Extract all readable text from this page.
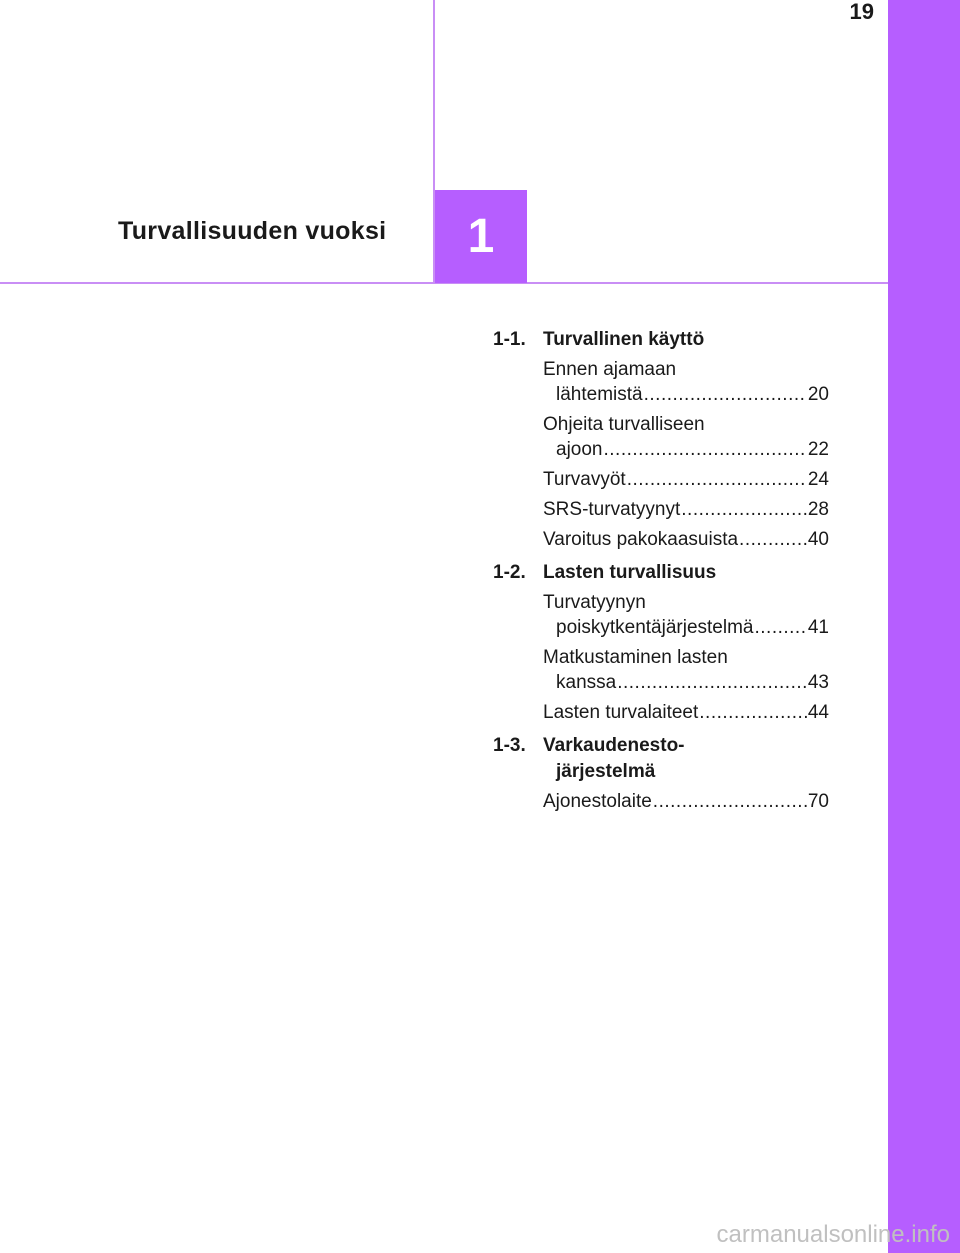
19
Turvallisuuden vuoksi 1
1-1. Turvallinen käyttö
Ennen ajamaan
lähtemistä .....	20
Ohjeita turvalliseen
ajoon .....	22
Turvavyöt .....	24
SRS-turvatyynyt .....	28
Varoitus pakokaasuista .....	40
1-2. Lasten turvallisuus
Turvatyynyn
poiskytkentäjärjestelmä .....	41
Matkustaminen lasten
kanssa .....	43
Lasten turvalaiteet .....	44
1-3. Varkaudenesto-
järjestelmä
Ajonestolaite .....	70
carmanualsonline.info
